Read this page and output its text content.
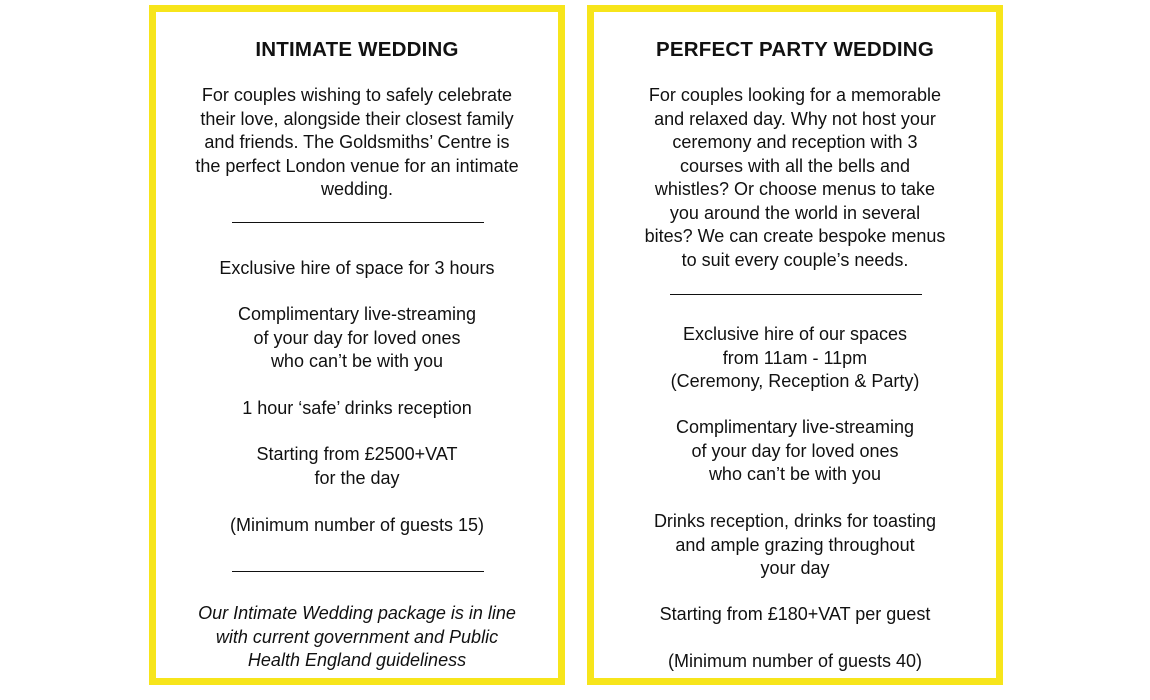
INTIMATE WEDDING
For couples wishing to safely celebrate
their love, alongside their closest family
and friends. The Goldsmiths’ Centre is
the perfect London venue for an intimate
wedding.
Exclusive hire of space for 3 hours
Complimentary live-streaming
of your day for loved ones
who can’t be with you
1 hour ‘safe’ drinks reception
Starting from £2500+VAT
for the day
(Minimum number of guests 15)
Our Intimate Wedding package is in line
with current government and Public
Health England guideliness
PERFECT PARTY WEDDING
For couples looking for a memorable
and relaxed day. Why not host your
ceremony and reception with 3
courses with all the bells and
whistles? Or choose menus to take
you around the world in several
bites? We can create bespoke menus
to suit every couple’s needs.
Exclusive hire of our spaces
from 11am - 11pm
(Ceremony, Reception & Party)
Complimentary live-streaming
of your day for loved ones
who can’t be with you
Drinks reception, drinks for toasting
and ample grazing throughout
your day
Starting from £180+VAT per guest
(Minimum number of guests 40)
